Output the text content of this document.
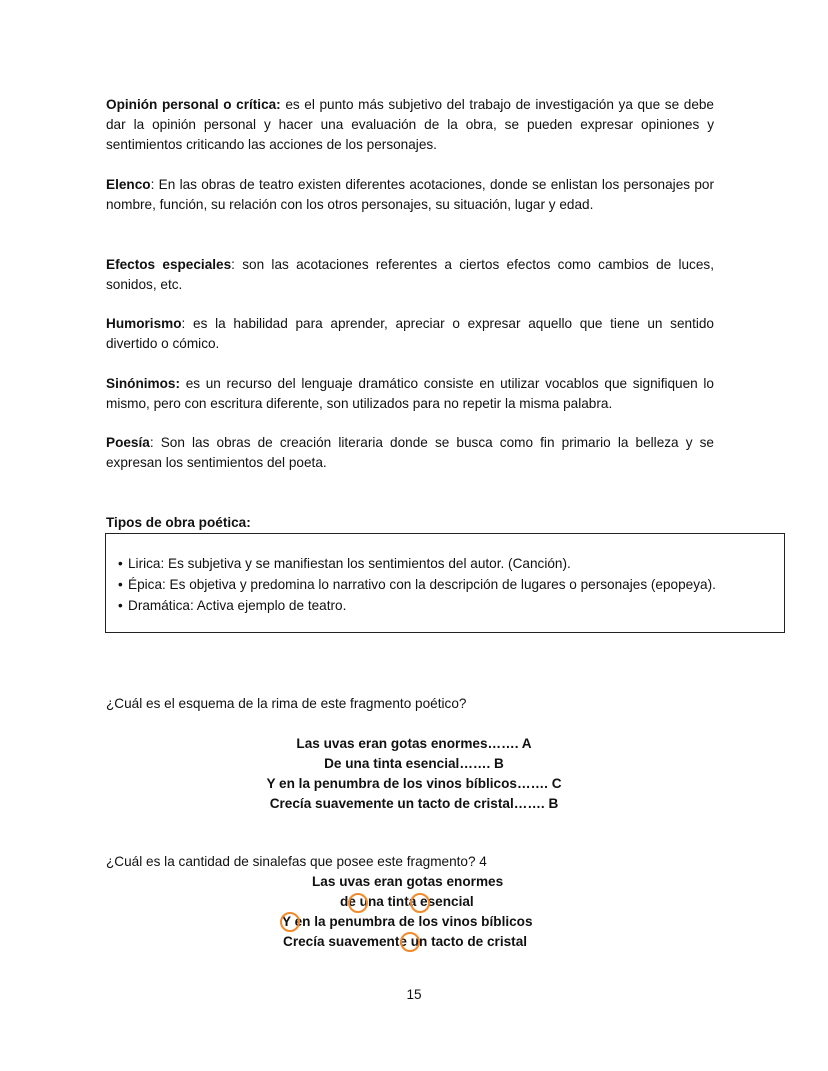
Opinión personal o crítica: es el punto más subjetivo del trabajo de investigación ya que se debe dar la opinión personal y hacer una evaluación de la obra, se pueden expresar opiniones y sentimientos criticando las acciones de los personajes.
Elenco: En las obras de teatro existen diferentes acotaciones, donde se enlistan los personajes por nombre, función, su relación con los otros personajes, su situación, lugar y edad.
Efectos especiales: son las acotaciones referentes a ciertos efectos como cambios de luces, sonidos, etc.
Humorismo: es la habilidad para aprender, apreciar o expresar aquello que tiene un sentido divertido o cómico.
Sinónimos: es un recurso del lenguaje dramático consiste en utilizar vocablos que signifiquen lo mismo, pero con escritura diferente, son utilizados para no repetir la misma palabra.
Poesía: Son las obras de creación literaria donde se busca como fin primario la belleza y se expresan los sentimientos del poeta.
Tipos de obra poética:
• Lirica: Es subjetiva y se manifiestan los sentimientos del autor. (Canción).
• Épica: Es objetiva y predomina lo narrativo con la descripción de lugares o personajes (epopeya).
• Dramática: Activa ejemplo de teatro.
¿Cuál es el esquema de la rima de este fragmento poético?
Las uvas eran gotas enormes……. A
De una tinta esencial……. B
Y en la penumbra de los vinos bíblicos……. C
Crecía suavemente un tacto de cristal……. B
¿Cuál es la cantidad de sinalefas que posee este fragmento? 4
Las uvas eran gotas enormes
de una tinta esencial
Y en la penumbra de los vinos bíblicos
Crecía suavemente un tacto de cristal
15
